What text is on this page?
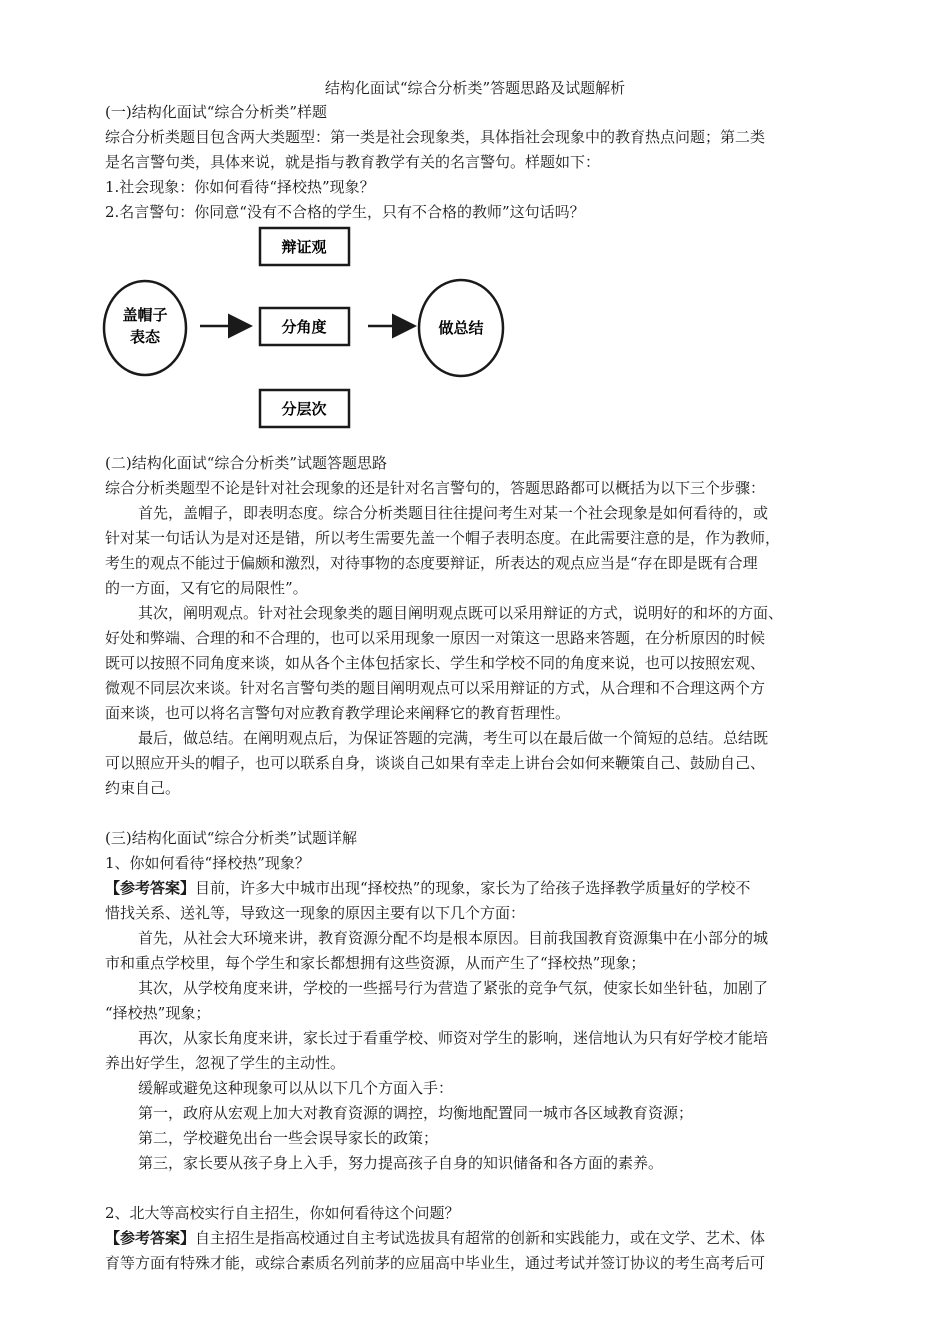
结构化面试“综合分析类”答题思路及试题解析
(一)结构化面试“综合分析类”样题
综合分析类题目包含两大类题型：第一类是社会现象类，具体指社会现象中的教育热点问题；第二类
是名言警句类，具体来说，就是指与教育教学有关的名言警句。样题如下：
1.社会现象：你如何看待“择校热”现象？
2.名言警句：你同意“没有不合格的学生，只有不合格的教师”这句话吗？
盖帽子
表态
辩证观
分角度
分层次
做总结
(二)结构化面试“综合分析类”试题答题思路
综合分析类题型不论是针对社会现象的还是针对名言警句的，答题思路都可以概括为以下三个步骤：
首先，盖帽子，即表明态度。综合分析类题目往往提问考生对某一个社会现象是如何看待的，或
针对某一句话认为是对还是错，所以考生需要先盖一个帽子表明态度。在此需要注意的是，作为教师，
考生的观点不能过于偏颇和激烈，对待事物的态度要辩证，所表达的观点应当是“存在即是既有合理
的一方面，又有它的局限性”。
其次，阐明观点。针对社会现象类的题目阐明观点既可以采用辩证的方式，说明好的和坏的方面、
好处和弊端、合理的和不合理的，也可以采用现象一原因一对策这一思路来答题，在分析原因的时候
既可以按照不同角度来谈，如从各个主体包括家长、学生和学校不同的角度来说，也可以按照宏观、
微观不同层次来谈。针对名言警句类的题目阐明观点可以采用辩证的方式，从合理和不合理这两个方
面来谈，也可以将名言警句对应教育教学理论来阐释它的教育哲理性。
最后，做总结。在阐明观点后，为保证答题的完满，考生可以在最后做一个简短的总结。总结既
可以照应开头的帽子，也可以联系自身，谈谈自己如果有幸走上讲台会如何来鞭策自己、鼓励自己、
约束自己。
(三)结构化面试“综合分析类”试题详解
1、你如何看待“择校热”现象？
【参考答案】目前，许多大中城市出现“择校热”的现象，家长为了给孩子选择教学质量好的学校不
惜找关系、送礼等，导致这一现象的原因主要有以下几个方面：
首先，从社会大环境来讲，教育资源分配不均是根本原因。目前我国教育资源集中在小部分的城
市和重点学校里，每个学生和家长都想拥有这些资源，从而产生了“择校热”现象；
其次，从学校角度来讲，学校的一些摇号行为营造了紧张的竞争气氛，使家长如坐针毡，加剧了
“择校热”现象；
再次，从家长角度来讲，家长过于看重学校、师资对学生的影响，迷信地认为只有好学校才能培
养出好学生，忽视了学生的主动性。
缓解或避免这种现象可以从以下几个方面入手：
第一，政府从宏观上加大对教育资源的调控，均衡地配置同一城市各区域教育资源；
第二，学校避免出台一些会误导家长的政策；
第三，家长要从孩子身上入手，努力提高孩子自身的知识储备和各方面的素养。
2、北大等高校实行自主招生，你如何看待这个问题？
【参考答案】自主招生是指高校通过自主考试选拔具有超常的创新和实践能力，或在文学、艺术、体
育等方面有特殊才能，或综合素质名列前茅的应届高中毕业生，通过考试并签订协议的考生高考后可
